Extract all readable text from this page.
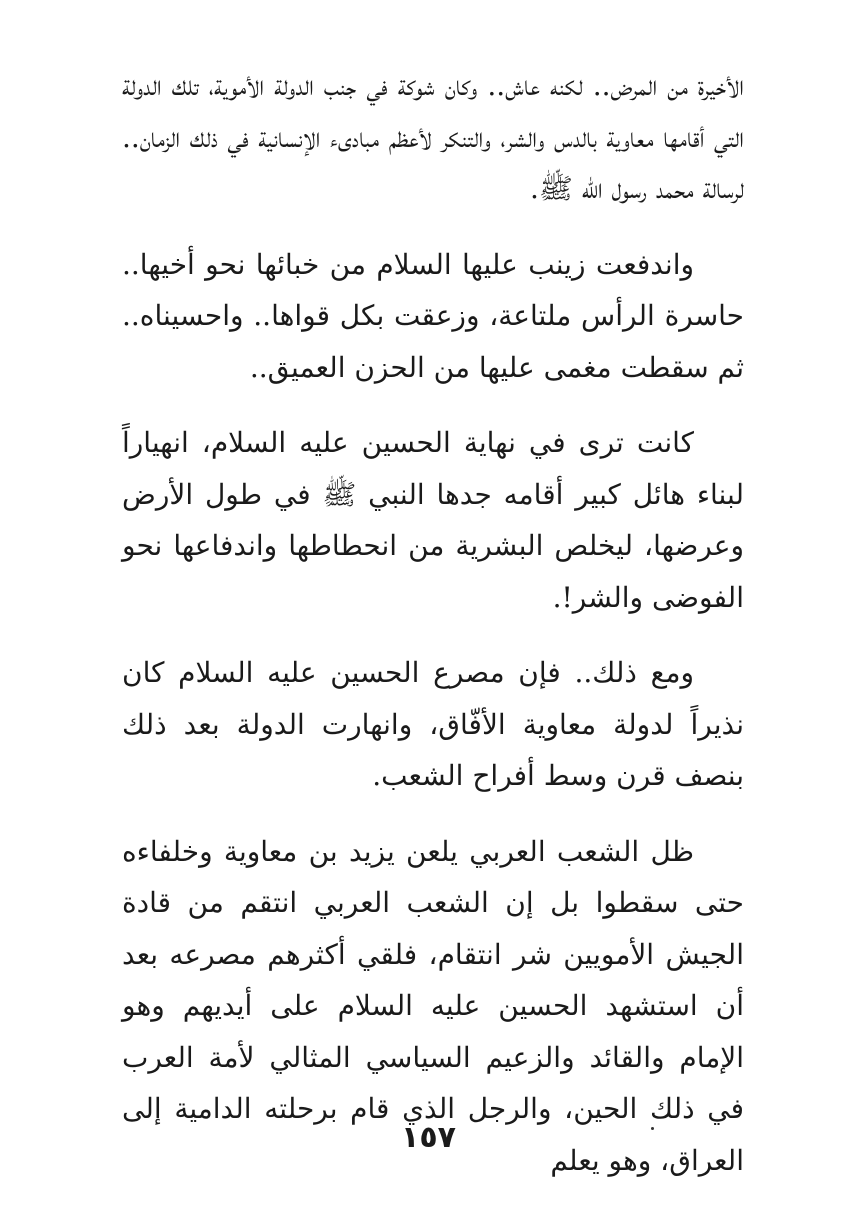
الأخيرة من المرض.. لكنه عاش.. وكان شوكة في جنب الدولة الأموية، تلك الدولة التي أقامها معاوية بالدس والشر، والتنكر لأعظم مبادىء الإنسانية في ذلك الزمان.. لرسالة محمد رسول الله ﷺ.

واندفعت زينب عليها السلام من خبائها نحو أخيها.. حاسرة الرأس ملتاعة، وزعقت بكل قواها.. واحسيناه.. ثم سقطت مغمى عليها من الحزن العميق..

كانت ترى في نهاية الحسين عليه السلام، انهياراً لبناء هائل كبير أقامه جدها النبي ﷺ في طول الأرض وعرضها، ليخلص البشرية من انحطاطها واندفاعها نحو الفوضى والشر!.

ومع ذلك.. فإن مصرع الحسين عليه السلام كان نذيراً لدولة معاوية الأفّاق، وانهارت الدولة بعد ذلك بنصف قرن وسط أفراح الشعب.

ظل الشعب العربي يلعن يزيد بن معاوية وخلفاءه حتى سقطوا بل إن الشعب العربي انتقم من قادة الجيش الأمويين شر انتقام، فلقي أكثرهم مصرعه بعد أن استشهد الحسين عليه السلام على أيديهم وهو الإمام والقائد والزعيم السياسي المثالي لأمة العرب في ذلك الحين، والرجل الذي قام برحلته الدامية إلى العراق، وهو يعلم

١٥٧
